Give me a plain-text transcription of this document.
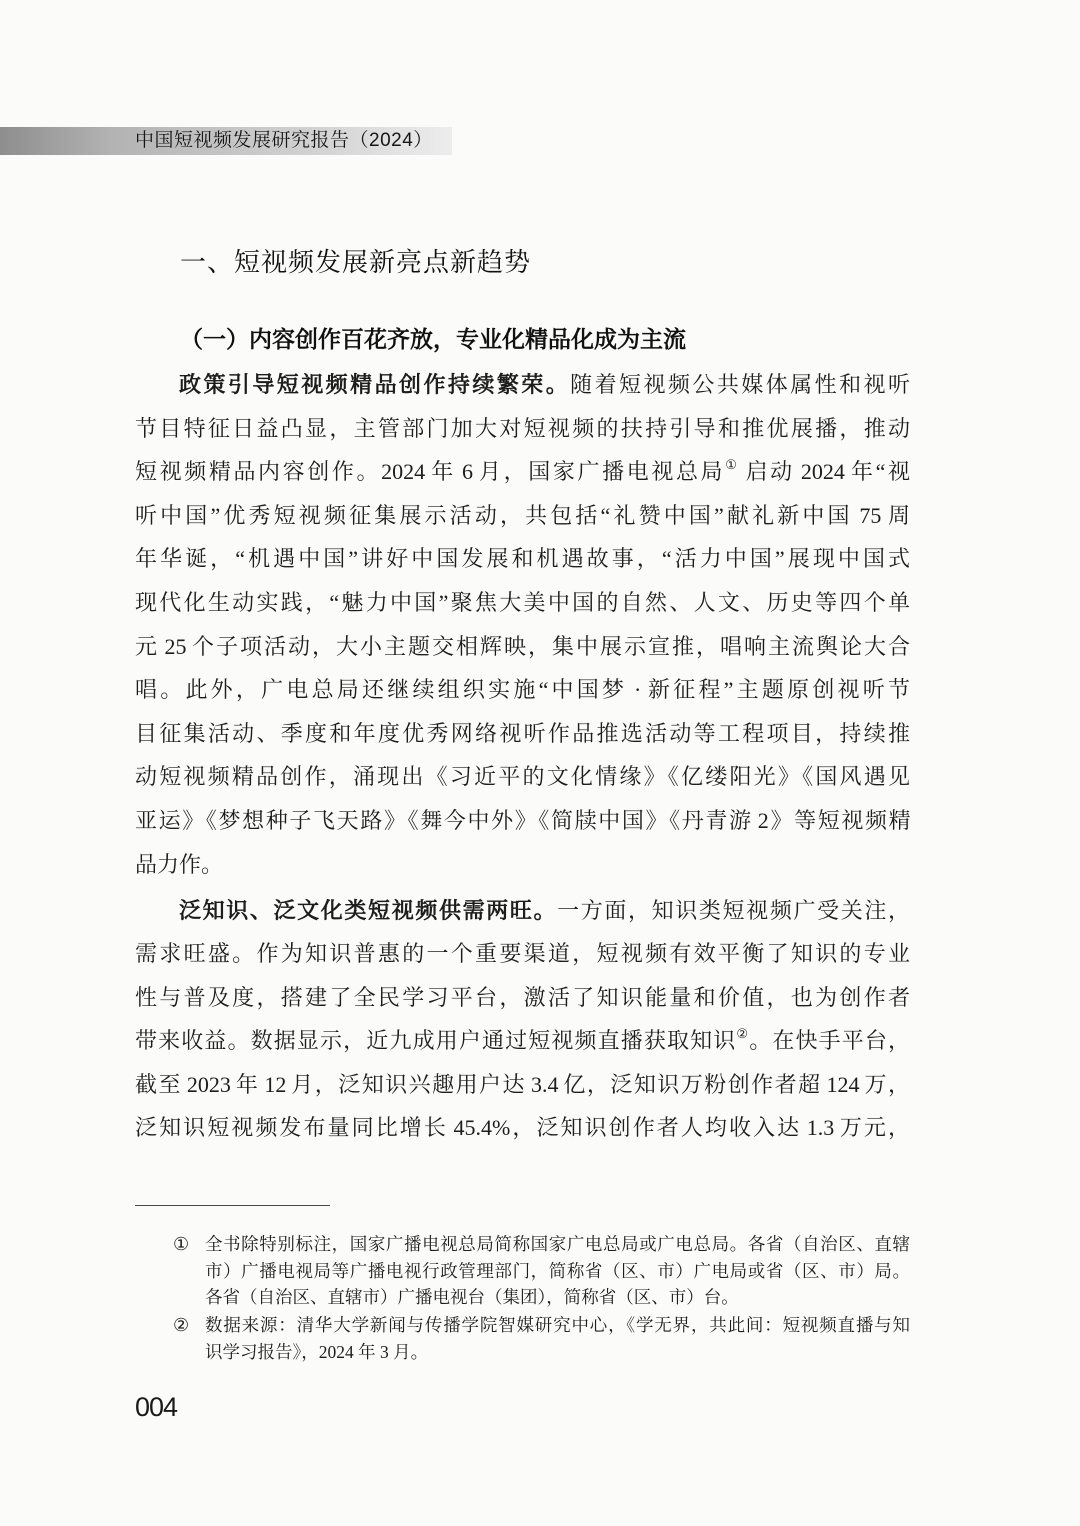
中国短视频发展研究报告（2024）
一、短视频发展新亮点新趋势
（一）内容创作百花齐放，专业化精品化成为主流
政策引导短视频精品创作持续繁荣。随着短视频公共媒体属性和视听
节目特征日益凸显，主管部门加大对短视频的扶持引导和推优展播，推动
短视频精品内容创作。2024 年 6 月，国家广播电视总局① 启动 2024 年“视
听中国”优秀短视频征集展示活动，共包括“礼赞中国”献礼新中国 75 周
年华诞，“机遇中国”讲好中国发展和机遇故事，“活力中国”展现中国式
现代化生动实践，“魅力中国”聚焦大美中国的自然、人文、历史等四个单
元 25 个子项活动，大小主题交相辉映，集中展示宣推，唱响主流舆论大合
唱。此外，广电总局还继续组织实施“中国梦 · 新征程”主题原创视听节
目征集活动、季度和年度优秀网络视听作品推选活动等工程项目，持续推
动短视频精品创作，涌现出《习近平的文化情缘》《亿缕阳光》《国风遇见
亚运》《梦想种子飞天路》《舞今中外》《简牍中国》《丹青游 2》等短视频精
品力作。
泛知识、泛文化类短视频供需两旺。一方面，知识类短视频广受关注，
需求旺盛。作为知识普惠的一个重要渠道，短视频有效平衡了知识的专业
性与普及度，搭建了全民学习平台，激活了知识能量和价值，也为创作者
带来收益。数据显示，近九成用户通过短视频直播获取知识②。在快手平台，
截至 2023 年 12 月，泛知识兴趣用户达 3.4 亿，泛知识万粉创作者超 124 万，
泛知识短视频发布量同比增长 45.4%，泛知识创作者人均收入达 1.3 万元，
① 全书除特别标注，国家广播电视总局简称国家广电总局或广电总局。各省（自治区、直辖
市）广播电视局等广播电视行政管理部门，简称省（区、市）广电局或省（区、市）局。
各省（自治区、直辖市）广播电视台（集团），简称省（区、市）台。
② 数据来源：清华大学新闻与传播学院智媒研究中心，《学无界，共此间：短视频直播与知
识学习报告》，2024 年 3 月。
004
